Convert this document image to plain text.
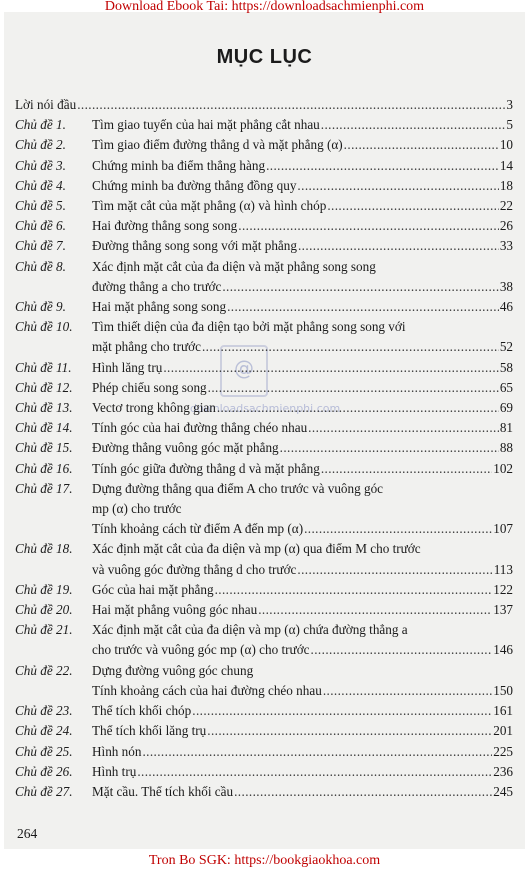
Download Ebook Tai: https://downloadsachmienphi.com
MỤC LỤC
@
downloadsachmienphi.com
Lời nói đầu .....	3
Chủ đề 1.	Tìm giao tuyến của hai mặt phẳng cắt nhau .....	5
Chủ đề 2.	Tìm giao điểm đường thẳng d và mặt phẳng (α) .....	10
Chủ đề 3.	Chứng minh ba điểm thẳng hàng .....	14
Chủ đề 4.	Chứng minh ba đường thẳng đồng quy .....	18
Chủ đề 5.	Tìm mặt cắt của mặt phẳng (α) và hình chóp .....	22
Chủ đề 6.	Hai đường thẳng song song .....	26
Chủ đề 7.	Đường thẳng song song với mặt phẳng .....	33
Chủ đề 8.	Xác định mặt cắt của đa diện và mặt phẳng song song
đường thẳng a cho trước .....	38
Chủ đề 9.	Hai mặt phẳng song song .....	46
Chủ đề 10.	Tìm thiết diện của đa diện tạo bởi mặt phẳng song song với
mặt phẳng cho trước .....	52
Chủ đề 11.	Hình lăng trụ .....	58
Chủ đề 12.	Phép chiếu song song .....	65
Chủ đề 13.	Vectơ trong không gian .....	69
Chủ đề 14.	Tính góc của hai đường thẳng chéo nhau .....	81
Chủ đề 15.	Đường thẳng vuông góc mặt phẳng .....	88
Chủ đề 16.	Tính góc giữa đường thẳng d và mặt phẳng .....	102
Chủ đề 17.	Dựng đường thẳng qua điểm A cho trước và vuông góc
mp (α) cho trước
Tính khoảng cách từ điểm A đến mp (α) .....	107
Chủ đề 18.	Xác định mặt cắt của đa diện và mp (α) qua điểm M cho trước
và vuông góc đường thẳng d cho trước .....	113
Chủ đề 19.	Góc của hai mặt phẳng .....	122
Chủ đề 20.	Hai mặt phẳng vuông góc nhau .....	137
Chủ đề 21.	Xác định mặt cắt của đa diện và mp (α) chứa đường thẳng a
cho trước và vuông góc mp (α) cho trước .....	146
Chủ đề 22.	Dựng đường vuông góc chung
Tính khoảng cách của hai đường chéo nhau .....	150
Chủ đề 23.	Thể tích khối chóp .....	161
Chủ đề 24.	Thể tích khối lăng trụ .....	201
Chủ đề 25.	Hình nón .....	225
Chủ đề 26.	Hình trụ .....	236
Chủ đề 27.	Mặt cầu. Thể tích khối cầu .....	245
264
Tron Bo SGK: https://bookgiaokhoa.com
